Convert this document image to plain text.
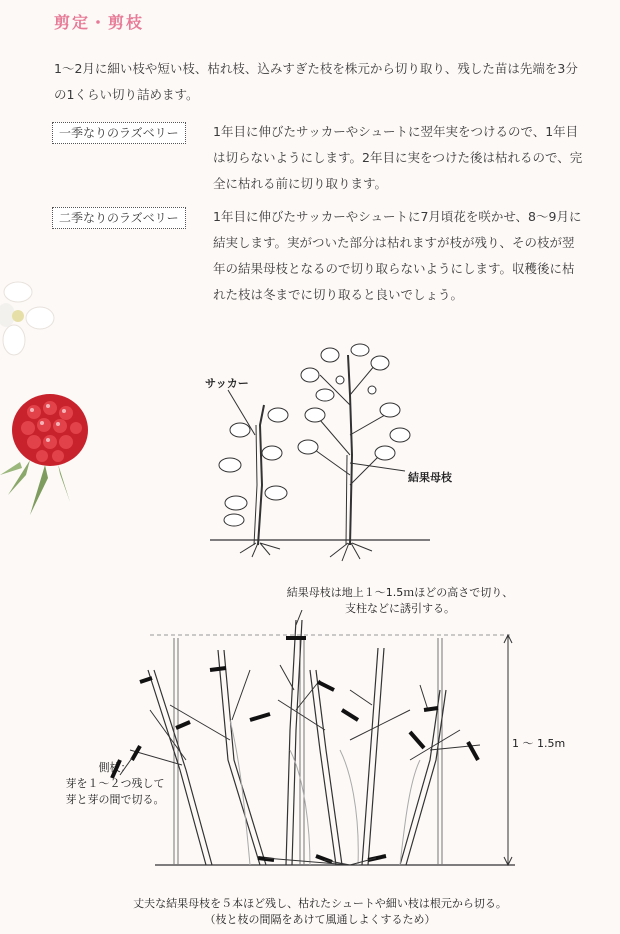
剪定・剪枝
1〜2月に細い枝や短い枝、枯れ枝、込みすぎた枝を株元から切り取り、残した苗は先端を3分の1くらい切り詰めます。
一季なりのラズベリー	1年目に伸びたサッカーやシュートに翌年実をつけるので、1年目は切らないようにします。2年目に実をつけた後は枯れるので、完全に枯れる前に切り取ります。
二季なりのラズベリー	1年目に伸びたサッカーやシュートに7月頃花を咲かせ、8〜9月に結実します。実がついた部分は枯れますが枝が残り、その枝が翌年の結果母枝となるので切り取らないようにします。収穫後に枯れた枝は冬までに切り取ると良いでしょう。
サッカー
結果母枝
結果母枝は地上１〜1.5ｍほどの高さで切り、
支柱などに誘引する。
側枝：
芽を１〜２つ残して
芽と芽の間で切る。
1 〜 1.5m
丈夫な結果母枝を５本ほど残し、枯れたシュートや細い枝は根元から切る。
（枝と枝の間隔をあけて風通しよくするため）
